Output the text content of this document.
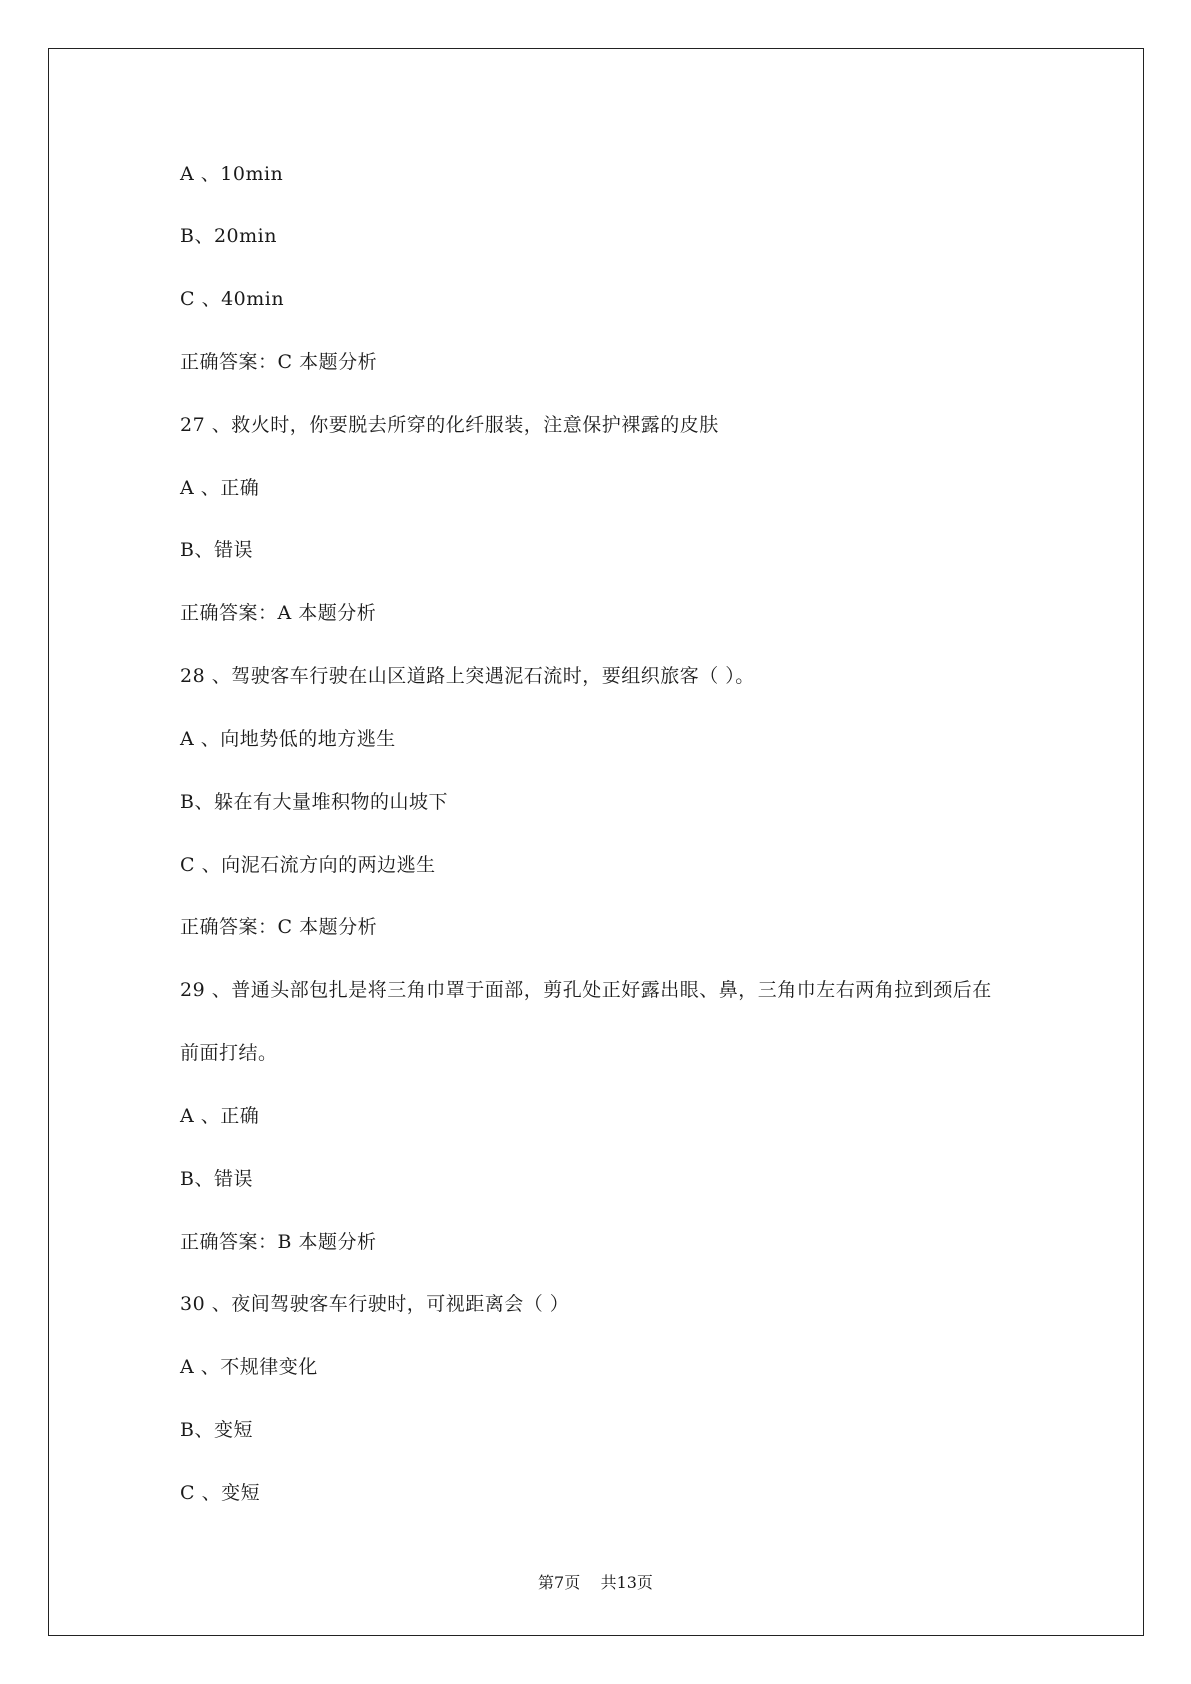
A 、10min
B、20min
C 、40min
正确答案：C 本题分析
27 、救火时，你要脱去所穿的化纤服装，注意保护裸露的皮肤
A 、正确
B、错误
正确答案：A 本题分析
28 、驾驶客车行驶在山区道路上突遇泥石流时，要组织旅客（ ）。
A 、向地势低的地方逃生
B、躲在有大量堆积物的山坡下
C 、向泥石流方向的两边逃生
正确答案：C 本题分析
29 、普通头部包扎是将三角巾罩于面部，剪孔处正好露出眼、鼻，三角巾左右两角拉到颈后在
前面打结。
A 、正确
B、错误
正确答案：B 本题分析
30 、夜间驾驶客车行驶时，可视距离会（ ）
A 、不规律变化
B、变短
C 、变短
第7页    共13页
